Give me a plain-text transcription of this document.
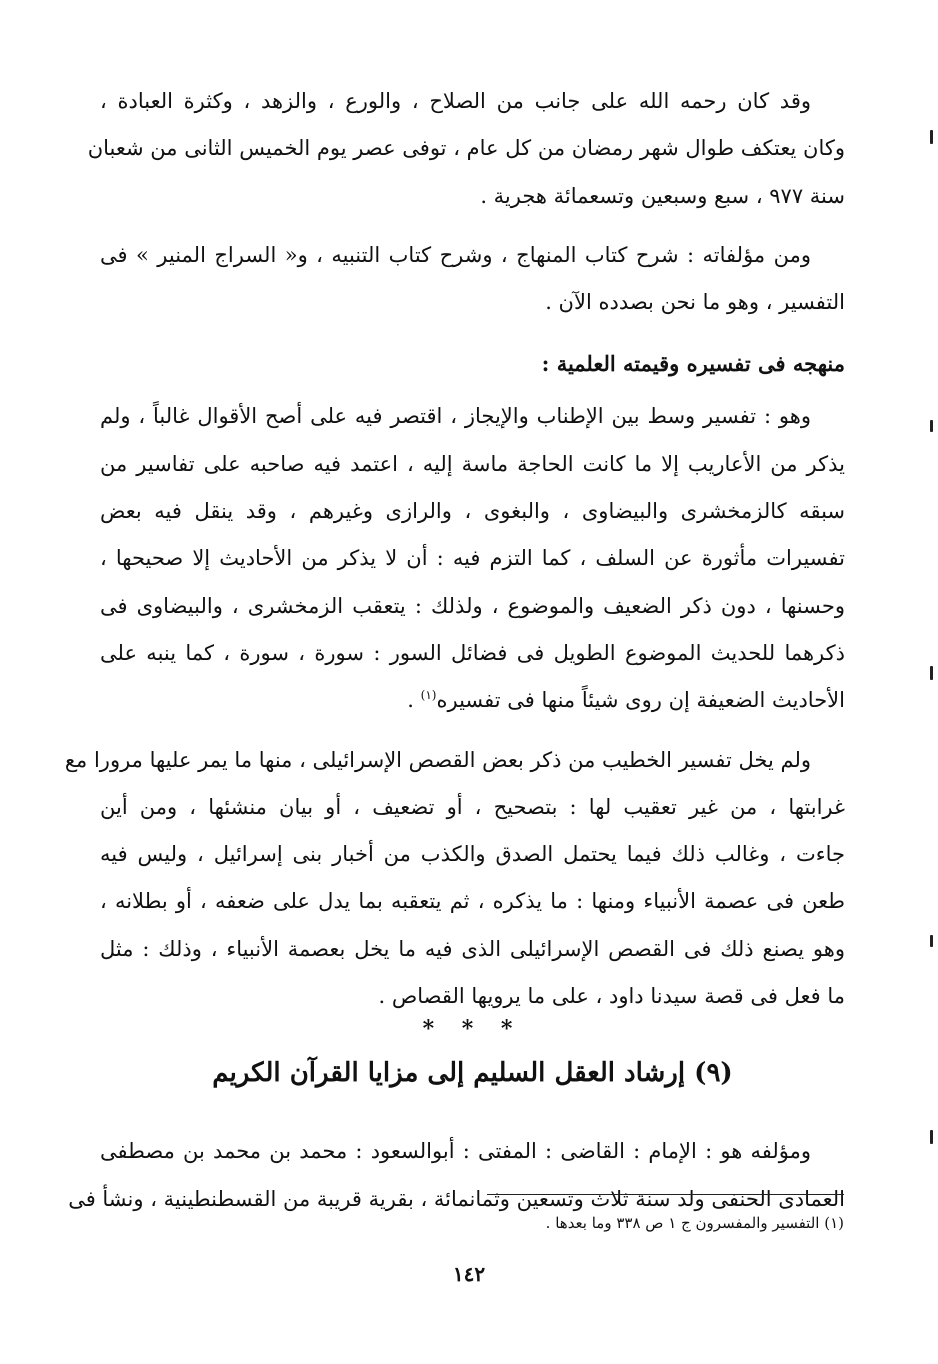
وقد كان رحمه الله على جانب من الصلاح ، والورع ، والزهد ، وكثرة العبادة ،
وكان يعتكف طوال شهر رمضان من كل عام ، توفى عصر يوم الخميس الثانى من شعبان
سنة ٩٧٧ ، سبع وسبعين وتسعمائة هجرية .

ومن مؤلفاته : شرح كتاب المنهاج ، وشرح كتاب التنبيه ، و« السراج المنير » فى
التفسير ، وهو ما نحن بصدده الآن .

منهجه فى تفسيره وقيمته العلمية :

وهو : تفسير وسط بين الإطناب والإيجاز ، اقتصر فيه على أصح الأقوال غالباً ، ولم
يذكر من الأعاريب إلا ما كانت الحاجة ماسة إليه ، اعتمد فيه صاحبه على تفاسير من
سبقه كالزمخشرى والبيضاوى ، والبغوى ، والرازى وغيرهم ، وقد ينقل فيه بعض
تفسيرات مأثورة عن السلف ، كما التزم فيه : أن لا يذكر من الأحاديث إلا صحيحها ،
وحسنها ، دون ذكر الضعيف والموضوع ، ولذلك : يتعقب الزمخشرى ، والبيضاوى فى
ذكرهما للحديث الموضوع الطويل فى فضائل السور : سورة ، سورة ، كما ينبه على
الأحاديث الضعيفة إن روى شيئاً منها فى تفسيره$^{(١)}$ .

ولم يخل تفسير الخطيب من ذكر بعض القصص الإسرائيلى ، منها ما يمر عليها مرورا مع
غرابتها ، من غير تعقيب لها : بتصحيح ، أو تضعيف ، أو بيان منشئها ، ومن أين
جاءت ، وغالب ذلك فيما يحتمل الصدق والكذب من أخبار بنى إسرائيل ، وليس فيه
طعن فى عصمة الأنبياء ومنها : ما يذكره ، ثم يتعقبه بما يدل على ضعفه ، أو بطلانه ،
وهو يصنع ذلك فى القصص الإسرائيلى الذى فيه ما يخل بعصمة الأنبياء ، وذلك : مثل
ما فعل فى قصة سيدنا داود ، على ما يرويها القصاص .

* * *
(٩) إرشاد العقل السليم إلى مزايا القرآن الكريم

ومؤلفه هو : الإمام : القاضى : المفتى : أبوالسعود : محمد بن محمد بن مصطفى
العمادى الحنفى ولد سنة ثلاث وتسعين وثمانمائة ، بقرية قريبة من القسطنطينية ، ونشأ فى

(١) التفسير والمفسرون ج ١ ص ٣٣٨ وما بعدها .
١٤٢
